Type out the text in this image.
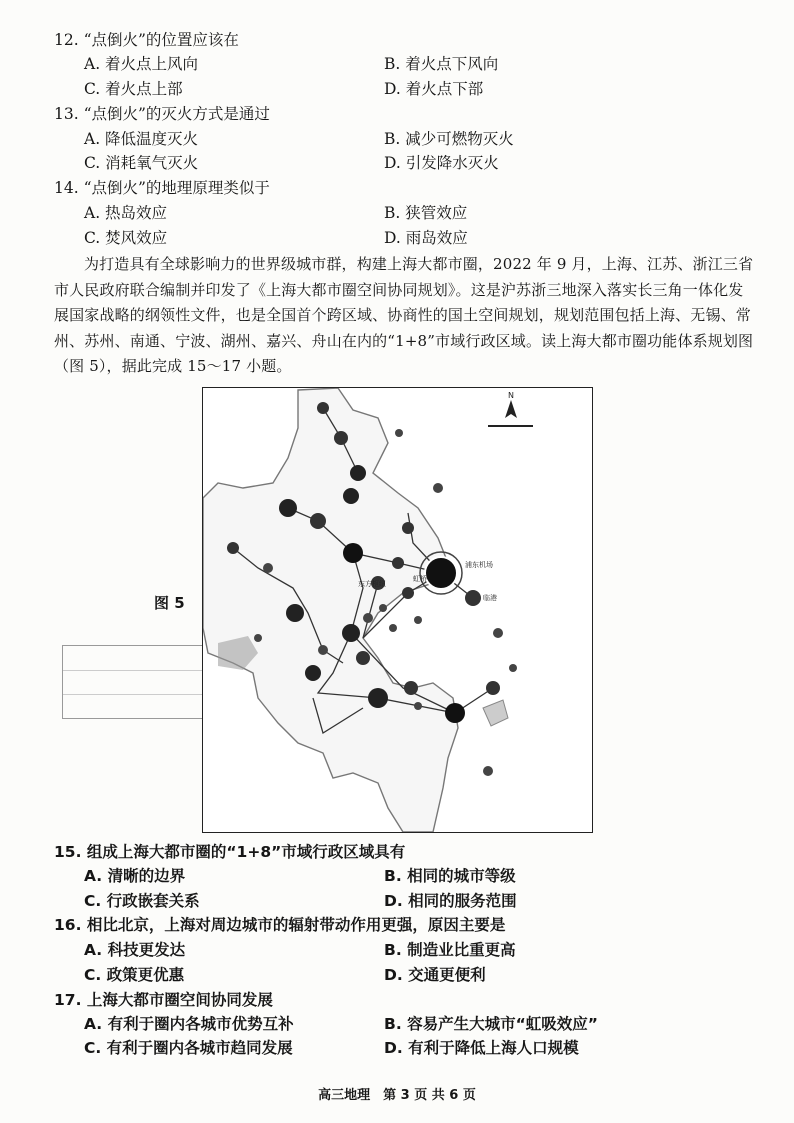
12. “点倒火”的位置应该在
A. 着火点上风向	B. 着火点下风向
C. 着火点上部	D. 着火点下部
13. “点倒火”的灭火方式是通过
A. 降低温度灭火	B. 减少可燃物灭火
C. 消耗氧气灭火	D. 引发降水灭火
14. “点倒火”的地理原理类似于
A. 热岛效应	B. 狭管效应
C. 焚风效应	D. 雨岛效应
为打造具有全球影响力的世界级城市群，构建上海大都市圈，2022 年 9 月，上海、江苏、浙江三省市人民政府联合编制并印发了《上海大都市圈空间协同规划》。这是沪苏浙三地深入落实长三角一体化发展国家战略的纲领性文件，也是全国首个跨区域、协商性的国土空间规划，规划范围包括上海、无锡、常州、苏州、南通、宁波、湖州、嘉兴、舟山在内的“1+8”市域行政区域。读上海大都市圈功能体系规划图（图 5），据此完成 15～17 小题。
图 5
N
虹桥
浦东机场
临港
东方枢纽
15. 组成上海大都市圈的“1+8”市域行政区域具有
A. 清晰的边界	B. 相同的城市等级
C. 行政嵌套关系	D. 相同的服务范围
16. 相比北京，上海对周边城市的辐射带动作用更强，原因主要是
A. 科技更发达	B. 制造业比重更高
C. 政策更优惠	D. 交通更便利
17. 上海大都市圈空间协同发展
A. 有利于圈内各城市优势互补	B. 容易产生大城市“虹吸效应”
C. 有利于圈内各城市趋同发展	D. 有利于降低上海人口规模
高三地理　第 3 页 共 6 页
